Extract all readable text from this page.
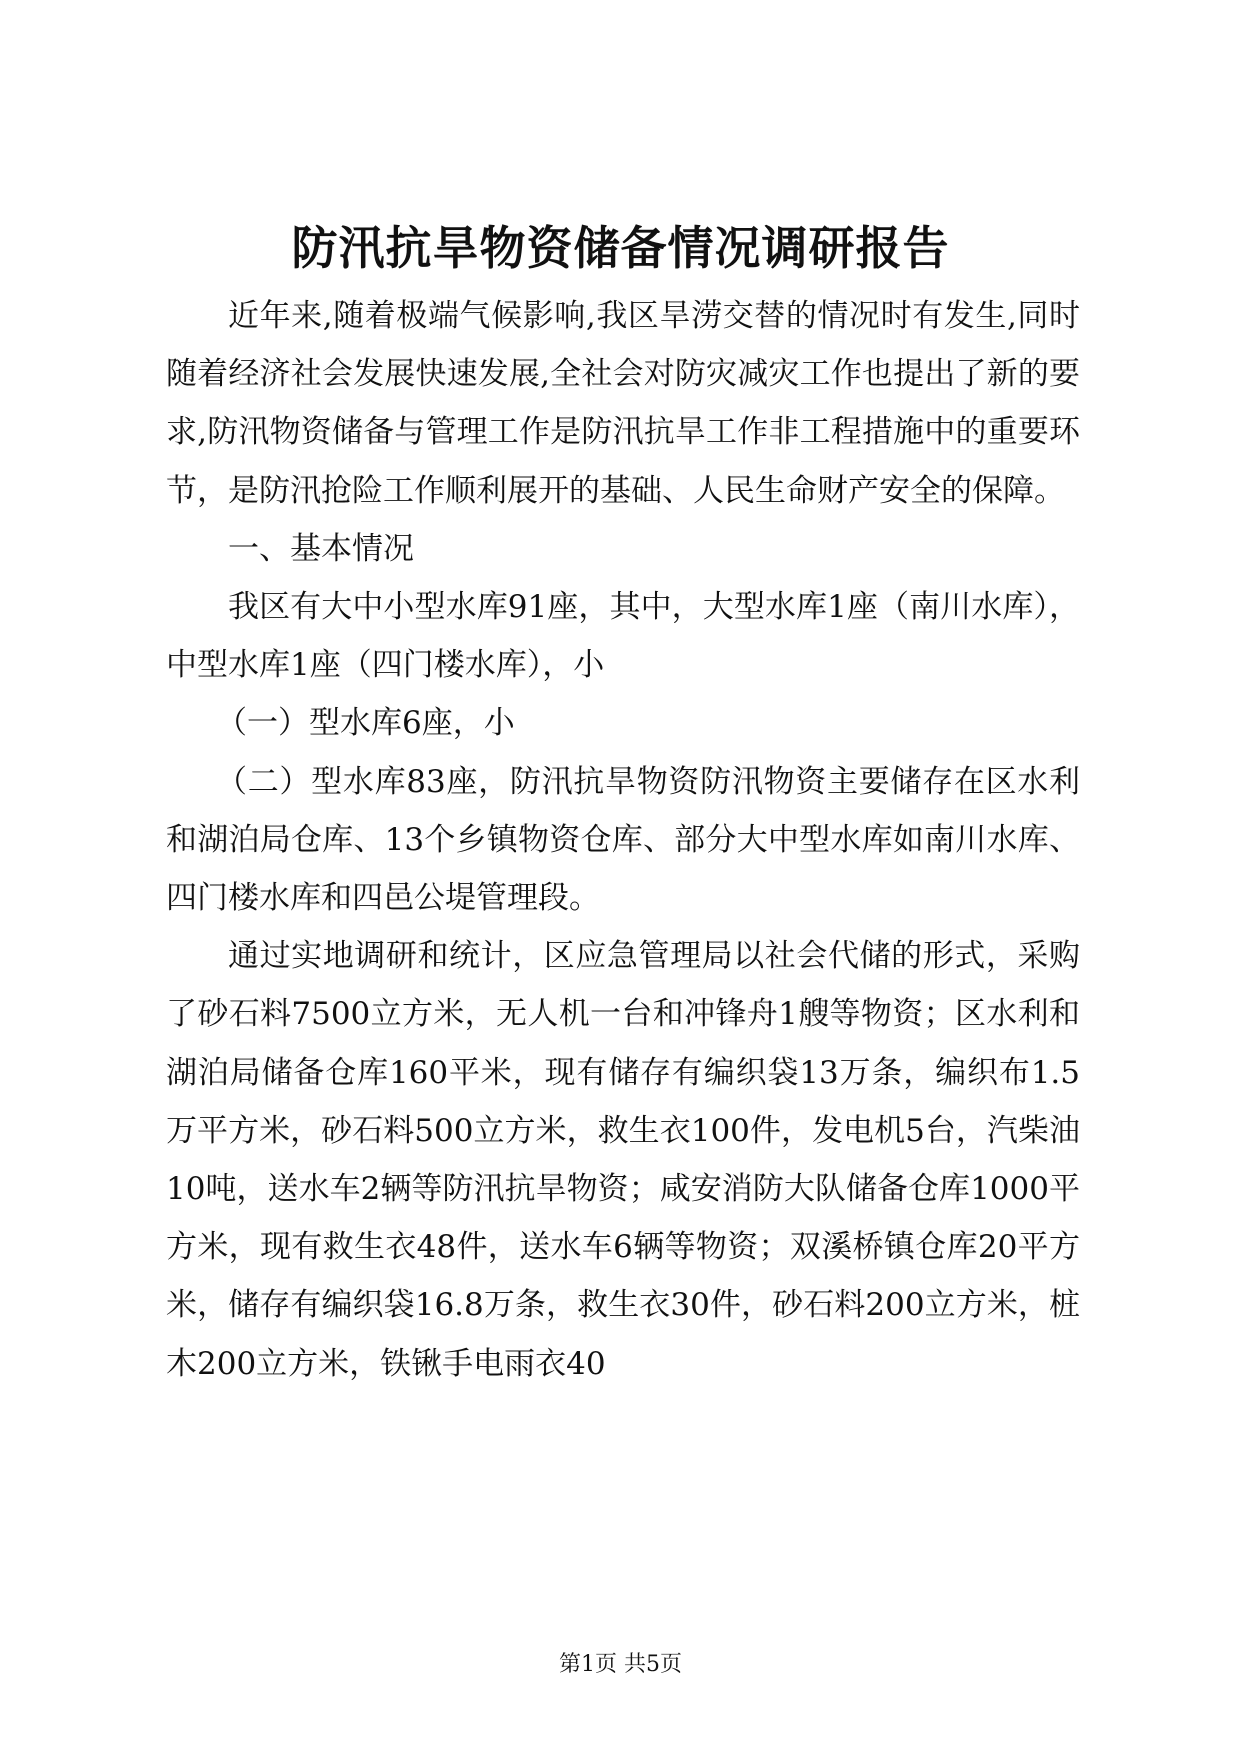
防汛抗旱物资储备情况调研报告

近年来,随着极端气候影响,我区旱涝交替的情况时有发生,同时随着经济社会发展快速发展,全社会对防灾减灾工作也提出了新的要求,防汛物资储备与管理工作是防汛抗旱工作非工程措施中的重要环节，是防汛抢险工作顺利展开的基础、人民生命财产安全的保障。

一、基本情况

我区有大中小型水库91座，其中，大型水库1座（南川水库），中型水库1座（四门楼水库），小

（一）型水库6座，小

（二）型水库83座，防汛抗旱物资防汛物资主要储存在区水利和湖泊局仓库、13个乡镇物资仓库、部分大中型水库如南川水库、四门楼水库和四邑公堤管理段。

通过实地调研和统计，区应急管理局以社会代储的形式，采购了砂石料7500立方米，无人机一台和冲锋舟1艘等物资；区水利和湖泊局储备仓库160平米，现有储存有编织袋13万条，编织布1.5万平方米，砂石料500立方米，救生衣100件，发电机5台，汽柴油10吨，送水车2辆等防汛抗旱物资；咸安消防大队储备仓库1000平方米，现有救生衣48件，送水车6辆等物资；双溪桥镇仓库20平方米，储存有编织袋16.8万条，救生衣30件，砂石料200立方米，桩木200立方米，铁锹手电雨衣40

第1页 共5页
